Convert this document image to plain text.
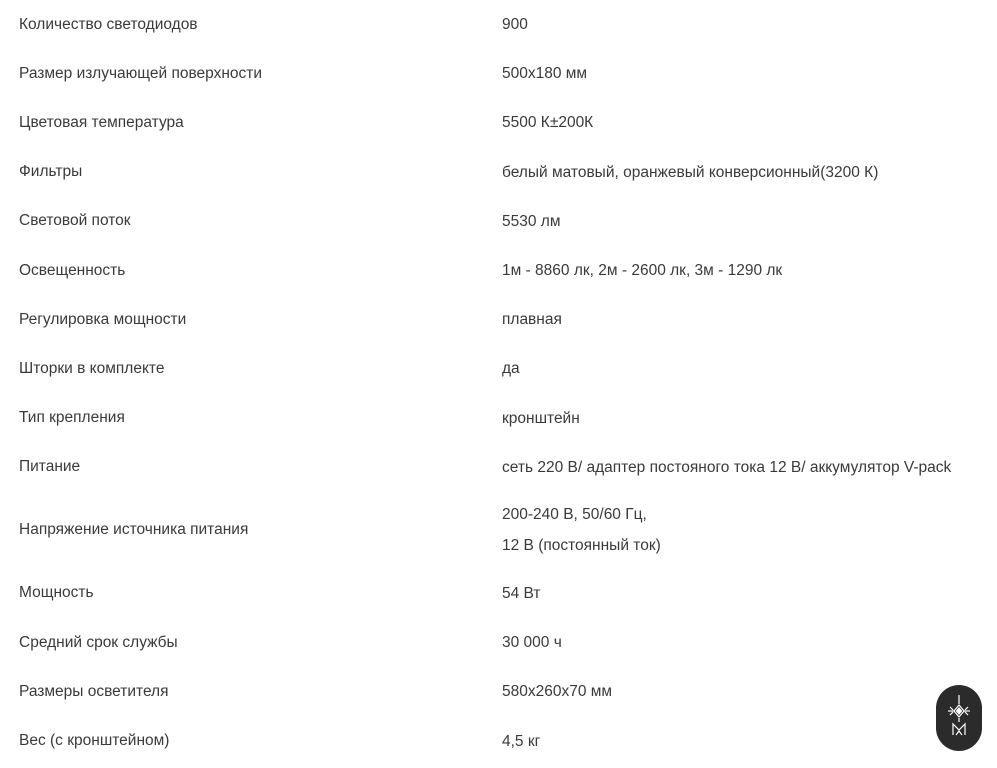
Количество светодиодов	900

Размер излучающей поверхности	500х180 мм

Цветовая температура	5500 К±200К

Фильтры	белый матовый, оранжевый конверсионный(3200 К)

Световой поток	5530 лм

Освещенность	1м - 8860 лк, 2м - 2600 лк, 3м - 1290 лк

Регулировка мощности	плавная

Шторки в комплекте	да

Тип крепления	кронштейн

Питание	сеть 220 В/ адаптер постояного тока 12 В/ аккумулятор V-pack

Напряжение источника питания	200-240 В, 50/60 Гц,
12 В (постоянный ток)

Мощность	54 Вт

Средний срок службы	30 000 ч

Размеры осветителя	580х260х70 мм

Вес (с кронштейном)	4,5 кг
